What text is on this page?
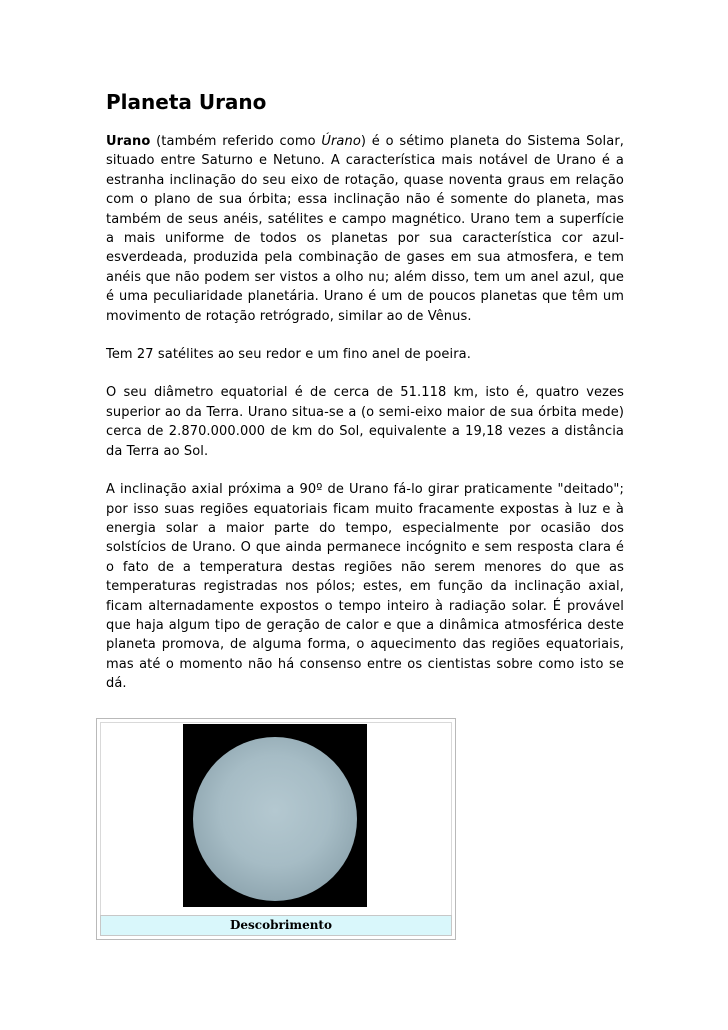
Planeta Urano

Urano (também referido como Úrano) é o sétimo planeta do Sistema Solar, situado entre Saturno e Netuno. A característica mais notável de Urano é a estranha inclinação do seu eixo de rotação, quase noventa graus em relação com o plano de sua órbita; essa inclinação não é somente do planeta, mas também de seus anéis, satélites e campo magnético. Urano tem a superfície a mais uniforme de todos os planetas por sua característica cor azul-esverdeada, produzida pela combinação de gases em sua atmosfera, e tem anéis que não podem ser vistos a olho nu; além disso, tem um anel azul, que é uma peculiaridade planetária. Urano é um de poucos planetas que têm um movimento de rotação retrógrado, similar ao de Vênus.

Tem 27 satélites ao seu redor e um fino anel de poeira.

O seu diâmetro equatorial é de cerca de 51.118 km, isto é, quatro vezes superior ao da Terra. Urano situa-se a (o semi-eixo maior de sua órbita mede) cerca de 2.870.000.000 de km do Sol, equivalente a 19,18 vezes a distância da Terra ao Sol.

A inclinação axial próxima a 90º de Urano fá-lo girar praticamente "deitado"; por isso suas regiões equatoriais ficam muito fracamente expostas à luz e à energia solar a maior parte do tempo, especialmente por ocasião dos solstícios de Urano. O que ainda permanece incógnito e sem resposta clara é o fato de a temperatura destas regiões não serem menores do que as temperaturas registradas nos pólos; estes, em função da inclinação axial, ficam alternadamente expostos o tempo inteiro à radiação solar. É provável que haja algum tipo de geração de calor e que a dinâmica atmosférica deste planeta promova, de alguma forma, o aquecimento das regiões equatoriais, mas até o momento não há consenso entre os cientistas sobre como isto se dá.

Descobrimento
